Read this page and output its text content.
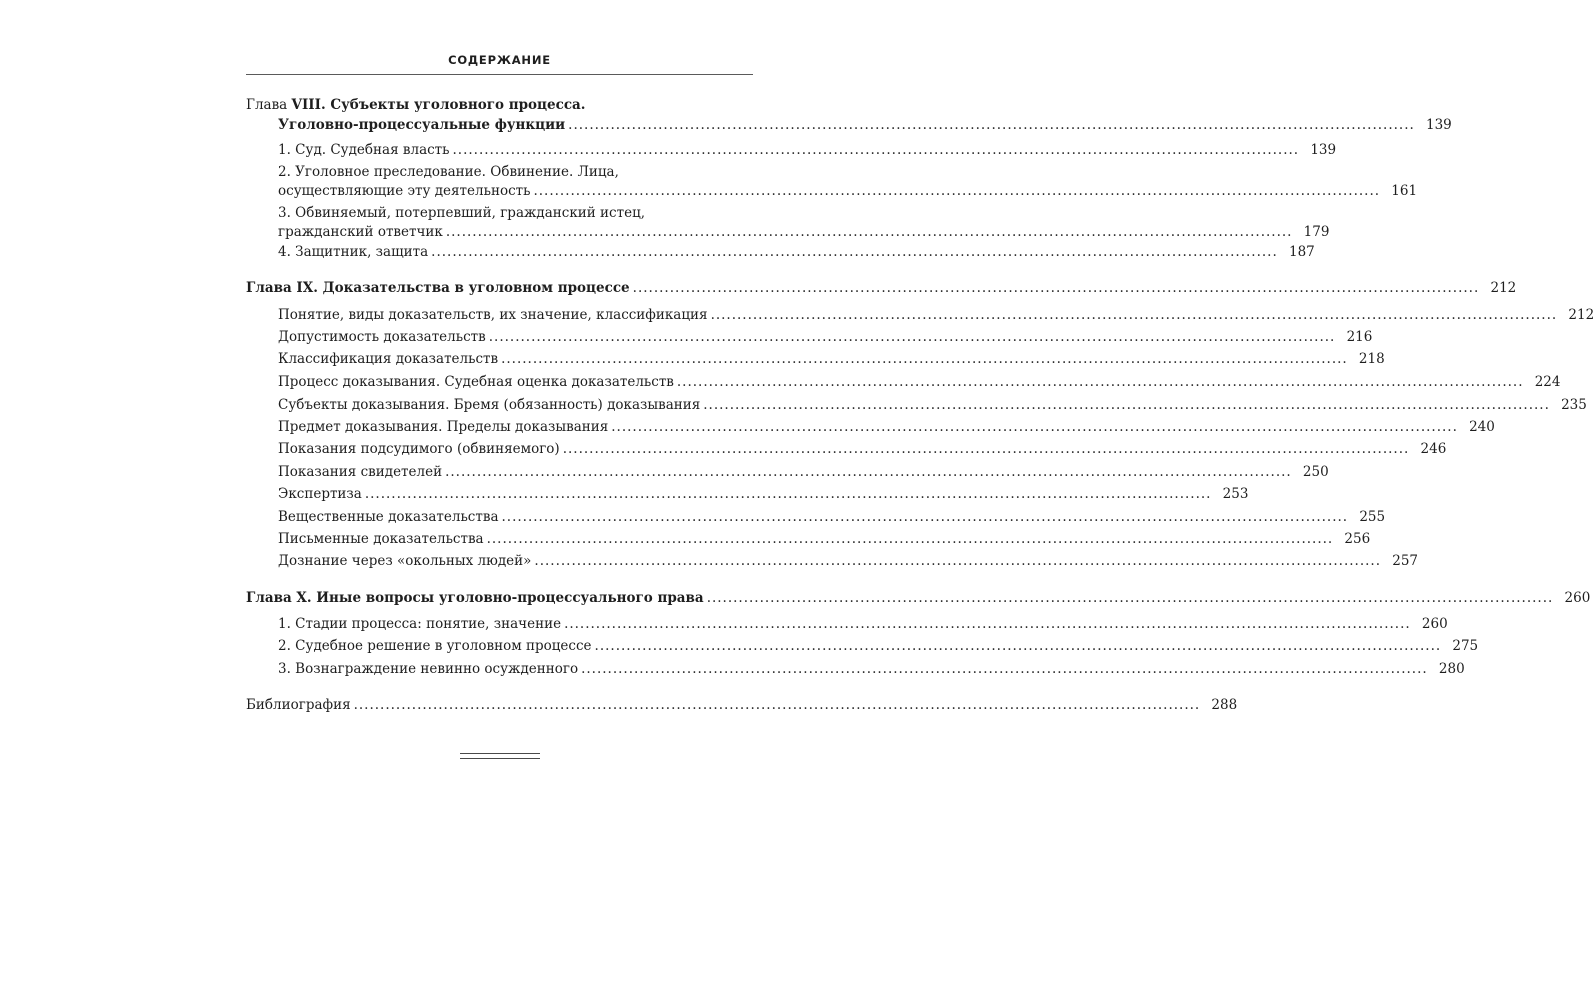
СОДЕРЖАНИЕ
Глава VIII. Субъекты уголовного процесса.
Уголовно-процессуальные функции ................................................................................................................................................................ 139
1. Суд. Судебная власть ................................................................................................................................................................ 139
2. Уголовное преследование. Обвинение. Лица,
осуществляющие эту деятельность ................................................................................................................................................................ 161
3. Обвиняемый, потерпевший, гражданский истец,
гражданский ответчик ................................................................................................................................................................ 179
4. Защитник, защита ................................................................................................................................................................ 187
Глава IX. Доказательства в уголовном процессе ................................................................................................................................................................ 212
Понятие, виды доказательств, их значение, классификация ................................................................................................................................................................ 212
Допустимость доказательств ................................................................................................................................................................ 216
Классификация доказательств ................................................................................................................................................................ 218
Процесс доказывания. Судебная оценка доказательств ................................................................................................................................................................ 224
Субъекты доказывания. Бремя (обязанность) доказывания ................................................................................................................................................................ 235
Предмет доказывания. Пределы доказывания ................................................................................................................................................................ 240
Показания подсудимого (обвиняемого) ................................................................................................................................................................ 246
Показания свидетелей ................................................................................................................................................................ 250
Экспертиза ................................................................................................................................................................ 253
Вещественные доказательства ................................................................................................................................................................ 255
Письменные доказательства ................................................................................................................................................................ 256
Дознание через «окольных людей» ................................................................................................................................................................ 257
Глава X. Иные вопросы уголовно-процессуального права ................................................................................................................................................................ 260
1. Стадии процесса: понятие, значение ................................................................................................................................................................ 260
2. Судебное решение в уголовном процессе ................................................................................................................................................................ 275
3. Вознаграждение невинно осужденного ................................................................................................................................................................ 280
Библиография ................................................................................................................................................................ 288
